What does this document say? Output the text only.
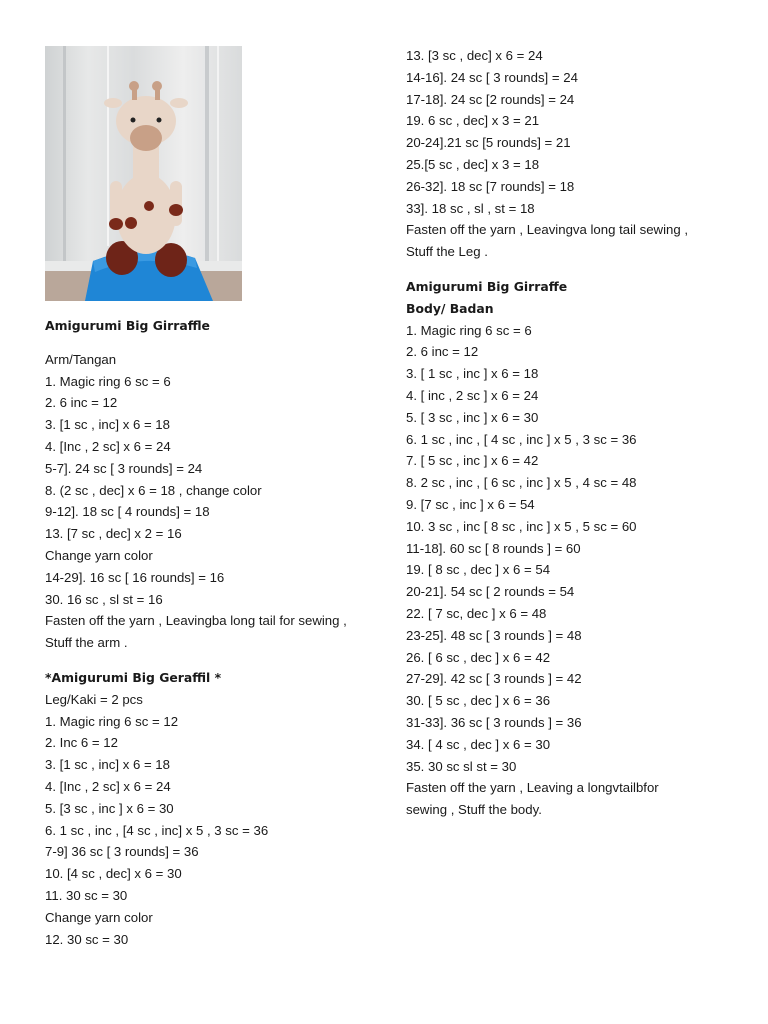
Amigurumi Big Girraffle
Arm/Tangan
1. Magic ring 6 sc = 6
2. 6 inc = 12
3. [1 sc , inc] x 6 = 18
4. [Inc , 2 sc] x 6 = 24
5-7]. 24 sc [ 3 rounds] = 24
8. (2 sc , dec] x 6 = 18 , change color
9-12]. 18 sc [ 4 rounds] = 18
13. [7 sc , dec] x 2 = 16
Change yarn color
14-29]. 16 sc [ 16 rounds] = 16
30. 16 sc , sl st = 16
Fasten off the yarn , Leavingba long tail for sewing ,
Stuff the arm .
*Amigurumi Big Geraffil *
Leg/Kaki = 2 pcs
1. Magic ring 6 sc = 12
2. Inc 6 = 12
3. [1 sc , inc] x 6 = 18
4. [Inc , 2 sc] x 6 = 24
5. [3 sc , inc ] x 6 = 30
6. 1 sc , inc , [4 sc , inc] x 5 , 3 sc = 36
7-9] 36 sc [ 3 rounds] = 36
10. [4 sc , dec] x 6 = 30
11. 30 sc = 30
Change yarn color
12. 30 sc = 30
13. [3 sc , dec] x 6 = 24
14-16]. 24 sc [ 3 rounds] = 24
17-18]. 24 sc [2 rounds] = 24
19. 6 sc , dec] x 3 = 21
20-24].21 sc [5 rounds] = 21
25.[5 sc , dec] x 3 = 18
26-32]. 18 sc [7 rounds] = 18
33]. 18 sc , sl , st = 18
Fasten off the yarn , Leavingva long tail sewing ,
Stuff the Leg .
Amigurumi Big Girraffe
Body/ Badan
1. Magic ring 6 sc = 6
2. 6 inc = 12
3. [ 1 sc , inc ] x 6 = 18
4. [ inc , 2 sc ] x 6 = 24
5. [ 3 sc , inc ] x 6 = 30
6. 1 sc , inc , [ 4 sc , inc ] x 5 , 3 sc = 36
7. [ 5 sc , inc ] x 6 = 42
8. 2 sc , inc , [ 6 sc , inc ] x 5 , 4 sc = 48
9. [7 sc , inc ] x 6 = 54
10. 3 sc , inc [ 8 sc , inc ] x 5 , 5 sc = 60
11-18]. 60 sc [ 8 rounds ] = 60
19. [ 8 sc , dec ] x 6 = 54
20-21]. 54 sc [ 2 rounds = 54
22. [ 7 sc, dec ] x 6 = 48
23-25]. 48 sc [ 3 rounds ] = 48
26. [ 6 sc , dec ] x 6 = 42
27-29]. 42 sc [ 3 rounds ] = 42
30. [ 5 sc , dec ] x 6 = 36
31-33]. 36 sc [ 3 rounds ] = 36
34. [ 4 sc , dec ] x 6 = 30
35. 30 sc sl st = 30
Fasten off the yarn , Leaving a longvtailbfor
sewing , Stuff the body.
